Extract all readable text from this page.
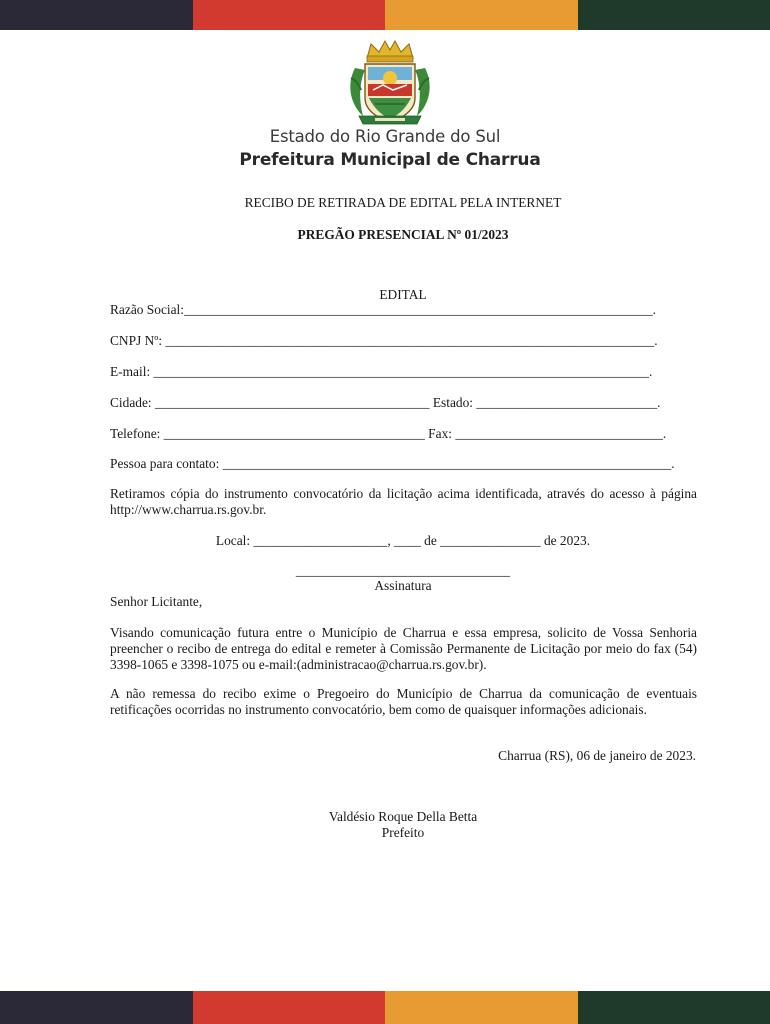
Estado do Rio Grande do Sul
Prefeitura Municipal de Charrua
RECIBO DE RETIRADA DE EDITAL PELA INTERNET
PREGÃO PRESENCIAL Nº 01/2023
EDITAL
Razão Social:______________________________________________________________________.
CNPJ Nº: _________________________________________________________________________.
E-mail: __________________________________________________________________________.
Cidade: _________________________________________ Estado: ___________________________.
Telefone: _______________________________________ Fax: _______________________________.
Pessoa para contato: ___________________________________________________________________.
Retiramos cópia do instrumento convocatório da licitação acima identificada, através do acesso à página http://www.charrua.rs.gov.br.
Local: ____________________, ____ de _______________ de 2023.
________________________________
Assinatura
Senhor Licitante,
Visando comunicação futura entre o Município de Charrua e essa empresa, solicito de Vossa Senhoria preencher o recibo de entrega do edital e remeter à Comissão Permanente de Licitação por meio do fax (54) 3398-1065 e 3398-1075 ou e-mail:(administracao@charrua.rs.gov.br).
A não remessa do recibo exime o Pregoeiro do Município de Charrua da comunicação de eventuais retificações ocorridas no instrumento convocatório, bem como de quaisquer informações adicionais.
Charrua (RS), 06 de janeiro de 2023.
Valdésio Roque Della Betta
Prefeito
